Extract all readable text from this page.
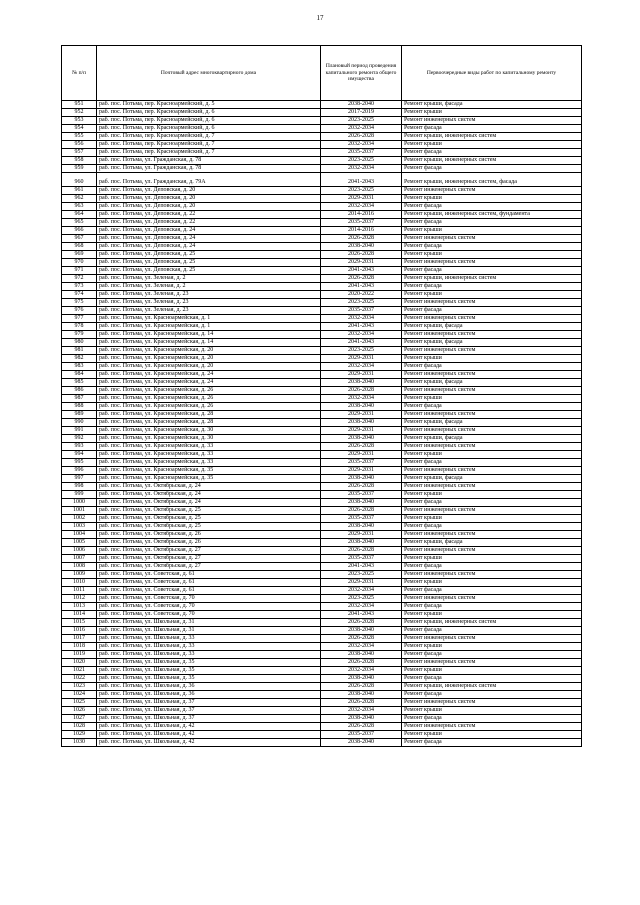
17
№ п/п	Почтовый адрес многоквартирного дома	Плановый период проведения капитального ремонта общего имущества	Первоочередные виды работ по капитальному ремонту
951	раб. пос. Потьма, пер. Красноармейский, д. 5	2038-2040	Ремонт крыши, фасада
952	раб. пос. Потьма, пер. Красноармейский, д. 6	2017-2019	Ремонт крыши
953	раб. пос. Потьма, пер. Красноармейский, д. 6	2023-2025	Ремонт инженерных систем
954	раб. пос. Потьма, пер. Красноармейский, д. 6	2032-2034	Ремонт фасада
955	раб. пос. Потьма, пер. Красноармейский, д. 7	2026-2028	Ремонт крыши, инженерных систем
956	раб. пос. Потьма, пер. Красноармейский, д. 7	2032-2034	Ремонт крыши
957	раб. пос. Потьма, пер. Красноармейский, д. 7	2035-2037	Ремонт фасада
958	раб. пос. Потьма, ул. Гражданская, д. 78	2023-2025	Ремонт крыши, инженерных систем
959	раб. пос. Потьма, ул. Гражданская, д. 78	2032-2034	Ремонт фасада
960	раб. пос. Потьма, ул. Гражданская, д. 79А	2041-2043	Ремонт крыши, инженерных систем, фасада
961	раб. пос. Потьма, ул. Деповская, д. 20	2023-2025	Ремонт инженерных систем
962	раб. пос. Потьма, ул. Деповская, д. 20	2029-2031	Ремонт крыши
963	раб. пос. Потьма, ул. Деповская, д. 20	2032-2034	Ремонт фасада
964	раб. пос. Потьма, ул. Деповская, д. 22	2014-2016	Ремонт крыши, инженерных систем, фундамента
965	раб. пос. Потьма, ул. Деповская, д. 22	2035-2037	Ремонт фасада
966	раб. пос. Потьма, ул. Деповская, д. 24	2014-2016	Ремонт крыши
967	раб. пос. Потьма, ул. Деповская, д. 24	2026-2028	Ремонт инженерных систем
968	раб. пос. Потьма, ул. Деповская, д. 24	2038-2040	Ремонт фасада
969	раб. пос. Потьма, ул. Деповская, д. 25	2026-2028	Ремонт крыши
970	раб. пос. Потьма, ул. Деповская, д. 25	2029-2031	Ремонт инженерных систем
971	раб. пос. Потьма, ул. Деповская, д. 25	2041-2043	Ремонт фасада
972	раб. пос. Потьма, ул. Зеленая, д. 2	2026-2028	Ремонт крыши, инженерных систем
973	раб. пос. Потьма, ул. Зеленая, д. 2	2041-2043	Ремонт фасада
974	раб. пос. Потьма, ул. Зеленая, д. 23	2020-2022	Ремонт крыши
975	раб. пос. Потьма, ул. Зеленая, д. 23	2023-2025	Ремонт инженерных систем
976	раб. пос. Потьма, ул. Зеленая, д. 23	2035-2037	Ремонт фасада
977	раб. пос. Потьма, ул. Красноармейская, д. 1	2032-2034	Ремонт инженерных систем
978	раб. пос. Потьма, ул. Красноармейская, д. 1	2041-2043	Ремонт крыши, фасада
979	раб. пос. Потьма, ул. Красноармейская, д. 14	2032-2034	Ремонт инженерных систем
980	раб. пос. Потьма, ул. Красноармейская, д. 14	2041-2043	Ремонт крыши, фасада
981	раб. пос. Потьма, ул. Красноармейская, д. 20	2023-2025	Ремонт инженерных систем
982	раб. пос. Потьма, ул. Красноармейская, д. 20	2029-2031	Ремонт крыши
983	раб. пос. Потьма, ул. Красноармейская, д. 20	2032-2034	Ремонт фасада
984	раб. пос. Потьма, ул. Красноармейская, д. 24	2029-2031	Ремонт инженерных систем
985	раб. пос. Потьма, ул. Красноармейская, д. 24	2038-2040	Ремонт крыши, фасада
986	раб. пос. Потьма, ул. Красноармейская, д. 26	2026-2028	Ремонт инженерных систем
987	раб. пос. Потьма, ул. Красноармейская, д. 26	2032-2034	Ремонт крыши
988	раб. пос. Потьма, ул. Красноармейская, д. 26	2038-2040	Ремонт фасада
989	раб. пос. Потьма, ул. Красноармейская, д. 28	2029-2031	Ремонт инженерных систем
990	раб. пос. Потьма, ул. Красноармейская, д. 28	2038-2040	Ремонт крыши, фасада
991	раб. пос. Потьма, ул. Красноармейская, д. 30	2029-2031	Ремонт инженерных систем
992	раб. пос. Потьма, ул. Красноармейская, д. 30	2038-2040	Ремонт крыши, фасада
993	раб. пос. Потьма, ул. Красноармейская, д. 33	2026-2028	Ремонт инженерных систем
994	раб. пос. Потьма, ул. Красноармейская, д. 33	2029-2031	Ремонт крыши
995	раб. пос. Потьма, ул. Красноармейская, д. 33	2035-2037	Ремонт фасада
996	раб. пос. Потьма, ул. Красноармейская, д. 35	2029-2031	Ремонт инженерных систем
997	раб. пос. Потьма, ул. Красноармейская, д. 35	2038-2040	Ремонт крыши, фасада
998	раб. пос. Потьма, ул. Октябрьская, д. 24	2026-2028	Ремонт инженерных систем
999	раб. пос. Потьма, ул. Октябрьская, д. 24	2035-2037	Ремонт крыши
1000	раб. пос. Потьма, ул. Октябрьская, д. 24	2038-2040	Ремонт фасада
1001	раб. пос. Потьма, ул. Октябрьская, д. 25	2026-2028	Ремонт инженерных систем
1002	раб. пос. Потьма, ул. Октябрьская, д. 25	2035-2037	Ремонт крыши
1003	раб. пос. Потьма, ул. Октябрьская, д. 25	2038-2040	Ремонт фасада
1004	раб. пос. Потьма, ул. Октябрьская, д. 26	2029-2031	Ремонт инженерных систем
1005	раб. пос. Потьма, ул. Октябрьская, д. 26	2038-2040	Ремонт крыши, фасада
1006	раб. пос. Потьма, ул. Октябрьская, д. 27	2026-2028	Ремонт инженерных систем
1007	раб. пос. Потьма, ул. Октябрьская, д. 27	2035-2037	Ремонт крыши
1008	раб. пос. Потьма, ул. Октябрьская, д. 27	2041-2043	Ремонт фасада
1009	раб. пос. Потьма, ул. Советская, д. 61	2023-2025	Ремонт инженерных систем
1010	раб. пос. Потьма, ул. Советская, д. 61	2029-2031	Ремонт крыши
1011	раб. пос. Потьма, ул. Советская, д. 61	2032-2034	Ремонт фасада
1012	раб. пос. Потьма, ул. Советская, д. 70	2023-2025	Ремонт инженерных систем
1013	раб. пос. Потьма, ул. Советская, д. 70	2032-2034	Ремонт фасада
1014	раб. пос. Потьма, ул. Советская, д. 70	2041-2043	Ремонт крыши
1015	раб. пос. Потьма, ул. Школьная, д. 31	2026-2028	Ремонт крыши, инженерных систем
1016	раб. пос. Потьма, ул. Школьная, д. 31	2038-2040	Ремонт фасада
1017	раб. пос. Потьма, ул. Школьная, д. 33	2026-2028	Ремонт инженерных систем
1018	раб. пос. Потьма, ул. Школьная, д. 33	2032-2034	Ремонт крыши
1019	раб. пос. Потьма, ул. Школьная, д. 33	2038-2040	Ремонт фасада
1020	раб. пос. Потьма, ул. Школьная, д. 35	2026-2028	Ремонт инженерных систем
1021	раб. пос. Потьма, ул. Школьная, д. 35	2032-2034	Ремонт крыши
1022	раб. пос. Потьма, ул. Школьная, д. 35	2038-2040	Ремонт фасада
1023	раб. пос. Потьма, ул. Школьная, д. 36	2026-2028	Ремонт крыши, инженерных систем
1024	раб. пос. Потьма, ул. Школьная, д. 36	2038-2040	Ремонт фасада
1025	раб. пос. Потьма, ул. Школьная, д. 37	2026-2028	Ремонт инженерных систем
1026	раб. пос. Потьма, ул. Школьная, д. 37	2032-2034	Ремонт крыши
1027	раб. пос. Потьма, ул. Школьная, д. 37	2038-2040	Ремонт фасада
1028	раб. пос. Потьма, ул. Школьная, д. 42	2026-2028	Ремонт инженерных систем
1029	раб. пос. Потьма, ул. Школьная, д. 42	2035-2037	Ремонт крыши
1030	раб. пос. Потьма, ул. Школьная, д. 42	2038-2040	Ремонт фасада
